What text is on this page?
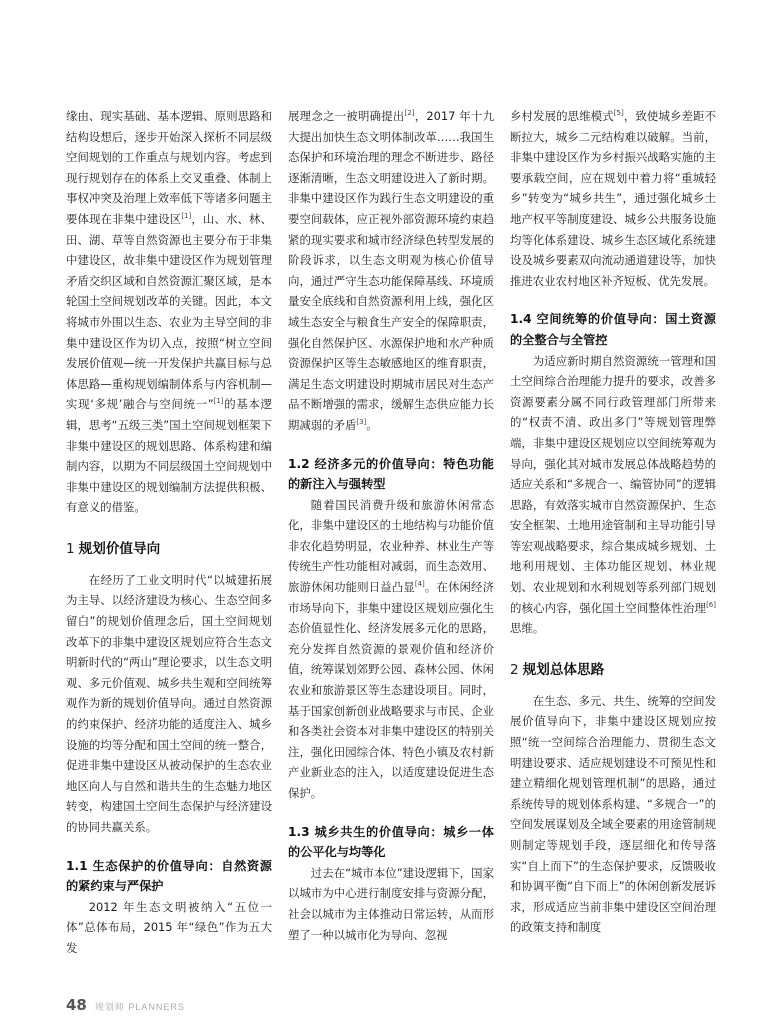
缘由、现实基础、基本逻辑、原则思路和结构设想后，逐步开始深入探析不同层级空间规划的工作重点与规划内容。考虑到现行规划存在的体系上交叉重叠、体制上事权冲突及治理上效率低下等诸多问题主要体现在非集中建设区[1]，山、水、林、田、湖、草等自然资源也主要分布于非集中建设区，故非集中建设区作为规划管理矛盾交织区域和自然资源汇聚区域，是本轮国土空间规划改革的关键。因此，本文将城市外围以生态、农业为主导空间的非集中建设区作为切入点，按照“树立空间发展价值观—统一开发保护共赢目标与总体思路—重构规划编制体系与内容机制—实现‘多规’融合与空间统一”[1]的基本逻辑，思考“五级三类”国土空间规划框架下非集中建设区的规划思路、体系构建和编制内容，以期为不同层级国土空间规划中非集中建设区的规划编制方法提供积极、有意义的借鉴。

1 规划价值导向

在经历了工业文明时代“以城建拓展为主导、以经济建设为核心、生态空间多留白”的规划价值理念后，国土空间规划改革下的非集中建设区规划应符合生态文明新时代的“两山”理论要求，以生态文明观、多元价值观、城乡共生观和空间统筹观作为新的规划价值导向。通过自然资源的约束保护、经济功能的适度注入、城乡设施的均等分配和国土空间的统一整合，促进非集中建设区从被动保护的生态农业地区向人与自然和谐共生的生态魅力地区转变，构建国土空间生态保护与经济建设的协同共赢关系。

1.1 生态保护的价值导向：自然资源的紧约束与严保护

2012 年生态文明被纳入“五位一体”总体布局，2015 年“绿色”作为五大发

展理念之一被明确提出[2]，2017 年十九大提出加快生态文明体制改革……我国生态保护和环境治理的理念不断进步、路径逐渐清晰，生态文明建设进入了新时期。非集中建设区作为践行生态文明建设的重要空间载体，应正视外部资源环境约束趋紧的现实要求和城市经济绿色转型发展的阶段诉求，以生态文明观为核心价值导向，通过严守生态功能保障基线、环境质量安全底线和自然资源利用上线，强化区域生态安全与粮食生产安全的保障职责，强化自然保护区、水源保护地和水产种质资源保护区等生态敏感地区的维育职责，满足生态文明建设时期城市居民对生态产品不断增强的需求，缓解生态供应能力长期减弱的矛盾[3]。

1.2 经济多元的价值导向：特色功能的新注入与强转型

随着国民消费升级和旅游休闲常态化，非集中建设区的土地结构与功能价值非农化趋势明显，农业种养、林业生产等传统生产性功能相对减弱，而生态效用、旅游休闲功能则日益凸显[4]。在休闲经济市场导向下，非集中建设区规划应强化生态价值显性化、经济发展多元化的思路，充分发挥自然资源的景观价值和经济价值，统筹谋划郊野公园、森林公园、休闲农业和旅游景区等生态建设项目。同时，基于国家创新创业战略要求与市民、企业和各类社会资本对非集中建设区的特别关注，强化田园综合体、特色小镇及农村新产业新业态的注入，以适度建设促进生态保护。

1.3 城乡共生的价值导向：城乡一体的公平化与均等化

过去在“城市本位”建设逻辑下，国家以城市为中心进行制度安排与资源分配，社会以城市为主体推动日常运转，从而形塑了一种以城市化为导向、忽视

乡村发展的思维模式[5]，致使城乡差距不断拉大，城乡二元结构难以破解。当前，非集中建设区作为乡村振兴战略实施的主要承载空间，应在规划中着力将“重城轻乡”转变为“城乡共生”，通过强化城乡土地产权平等制度建设、城乡公共服务设施均等化体系建设、城乡生态区域化系统建设及城乡要素双向流动通道建设等，加快推进农业农村地区补齐短板、优先发展。

1.4 空间统筹的价值导向：国土资源的全整合与全管控

为适应新时期自然资源统一管理和国土空间综合治理能力提升的要求，改善多资源要素分属不同行政管理部门所带来的“权责不清、政出多门”等规划管理弊端，非集中建设区规划应以空间统筹观为导向，强化其对城市发展总体战略趋势的适应关系和“多规合一、编管协同”的逻辑思路，有效落实城市自然资源保护、生态安全框架、土地用途管制和主导功能引导等宏观战略要求，综合集成城乡规划、土地利用规划、主体功能区规划、林业规划、农业规划和水利规划等系列部门规划的核心内容，强化国土空间整体性治理[6]思维。

2 规划总体思路

在生态、多元、共生、统筹的空间发展价值导向下，非集中建设区规划应按照“统一空间综合治理能力、贯彻生态文明建设要求、适应规划建设不可预见性和建立精细化规划管理机制”的思路，通过系统传导的规划体系构建、“多规合一”的空间发展谋划及全域全要素的用途管制规则制定等规划手段，逐层细化和传导落实“自上而下”的生态保护要求，反馈吸收和协调平衡“自下而上”的休闲创新发展诉求，形成适应当前非集中建设区空间治理的政策支持和制度

48 规划师 PLANNERS
